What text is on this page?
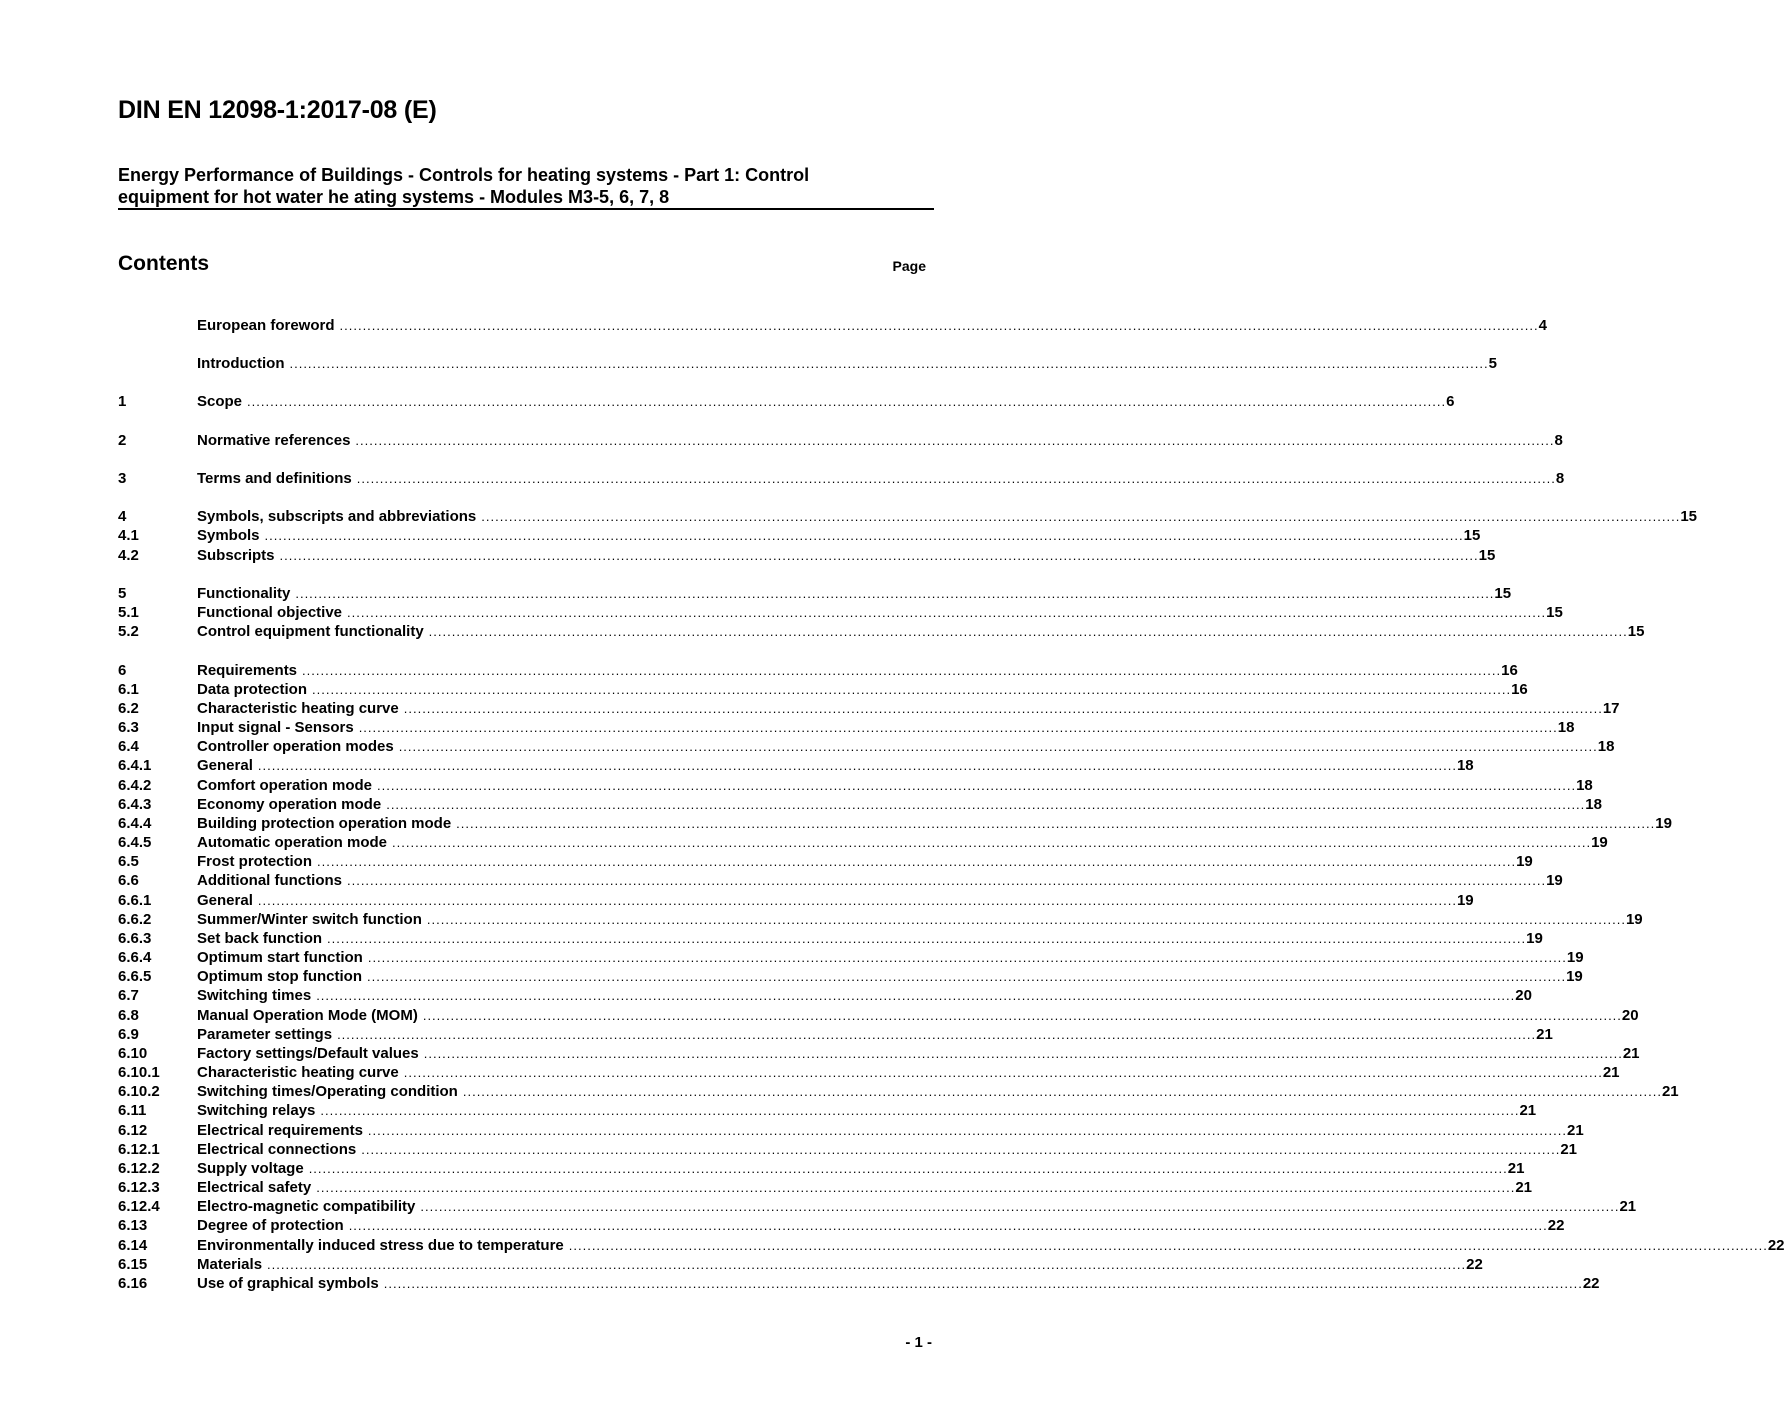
DIN EN 12098-1:2017-08 (E)
Energy Performance of Buildings - Controls for heating systems - Part 1: Control
equipment for hot water he ating systems - Modules M3-5, 6, 7, 8
Contents	Page
European foreword .................................................................................................................................................................................................................................................................... 4
Introduction .................................................................................................................................................................................................................................................................... 5
1	Scope .................................................................................................................................................................................................................................................................... 6
2	Normative references .................................................................................................................................................................................................................................................................... 8
3	Terms and definitions .................................................................................................................................................................................................................................................................... 8
4	Symbols, subscripts and abbreviations .................................................................................................................................................................................................................................................................... 15
4.1	Symbols .................................................................................................................................................................................................................................................................... 15
4.2	Subscripts .................................................................................................................................................................................................................................................................... 15
5	Functionality .................................................................................................................................................................................................................................................................... 15
5.1	Functional objective .................................................................................................................................................................................................................................................................... 15
5.2	Control equipment functionality .................................................................................................................................................................................................................................................................... 15
6	Requirements .................................................................................................................................................................................................................................................................... 16
6.1	Data protection .................................................................................................................................................................................................................................................................... 16
6.2	Characteristic heating curve .................................................................................................................................................................................................................................................................... 17
6.3	Input signal - Sensors .................................................................................................................................................................................................................................................................... 18
6.4	Controller operation modes .................................................................................................................................................................................................................................................................... 18
6.4.1	General .................................................................................................................................................................................................................................................................... 18
6.4.2	Comfort operation mode .................................................................................................................................................................................................................................................................... 18
6.4.3	Economy operation mode .................................................................................................................................................................................................................................................................... 18
6.4.4	Building protection operation mode .................................................................................................................................................................................................................................................................... 19
6.4.5	Automatic operation mode .................................................................................................................................................................................................................................................................... 19
6.5	Frost protection .................................................................................................................................................................................................................................................................... 19
6.6	Additional functions .................................................................................................................................................................................................................................................................... 19
6.6.1	General .................................................................................................................................................................................................................................................................... 19
6.6.2	Summer/Winter switch function .................................................................................................................................................................................................................................................................... 19
6.6.3	Set back function .................................................................................................................................................................................................................................................................... 19
6.6.4	Optimum start function .................................................................................................................................................................................................................................................................... 19
6.6.5	Optimum stop function .................................................................................................................................................................................................................................................................... 19
6.7	Switching times .................................................................................................................................................................................................................................................................... 20
6.8	Manual Operation Mode (MOM) .................................................................................................................................................................................................................................................................... 20
6.9	Parameter settings .................................................................................................................................................................................................................................................................... 21
6.10	Factory settings/Default values .................................................................................................................................................................................................................................................................... 21
6.10.1	Characteristic heating curve .................................................................................................................................................................................................................................................................... 21
6.10.2	Switching times/Operating condition .................................................................................................................................................................................................................................................................... 21
6.11	Switching relays .................................................................................................................................................................................................................................................................... 21
6.12	Electrical requirements .................................................................................................................................................................................................................................................................... 21
6.12.1	Electrical connections .................................................................................................................................................................................................................................................................... 21
6.12.2	Supply voltage .................................................................................................................................................................................................................................................................... 21
6.12.3	Electrical safety .................................................................................................................................................................................................................................................................... 21
6.12.4	Electro-magnetic compatibility .................................................................................................................................................................................................................................................................... 21
6.13	Degree of protection .................................................................................................................................................................................................................................................................... 22
6.14	Environmentally induced stress due to temperature .................................................................................................................................................................................................................................................................... 22
6.15	Materials .................................................................................................................................................................................................................................................................... 22
6.16	Use of graphical symbols .................................................................................................................................................................................................................................................................... 22
- 1 -
